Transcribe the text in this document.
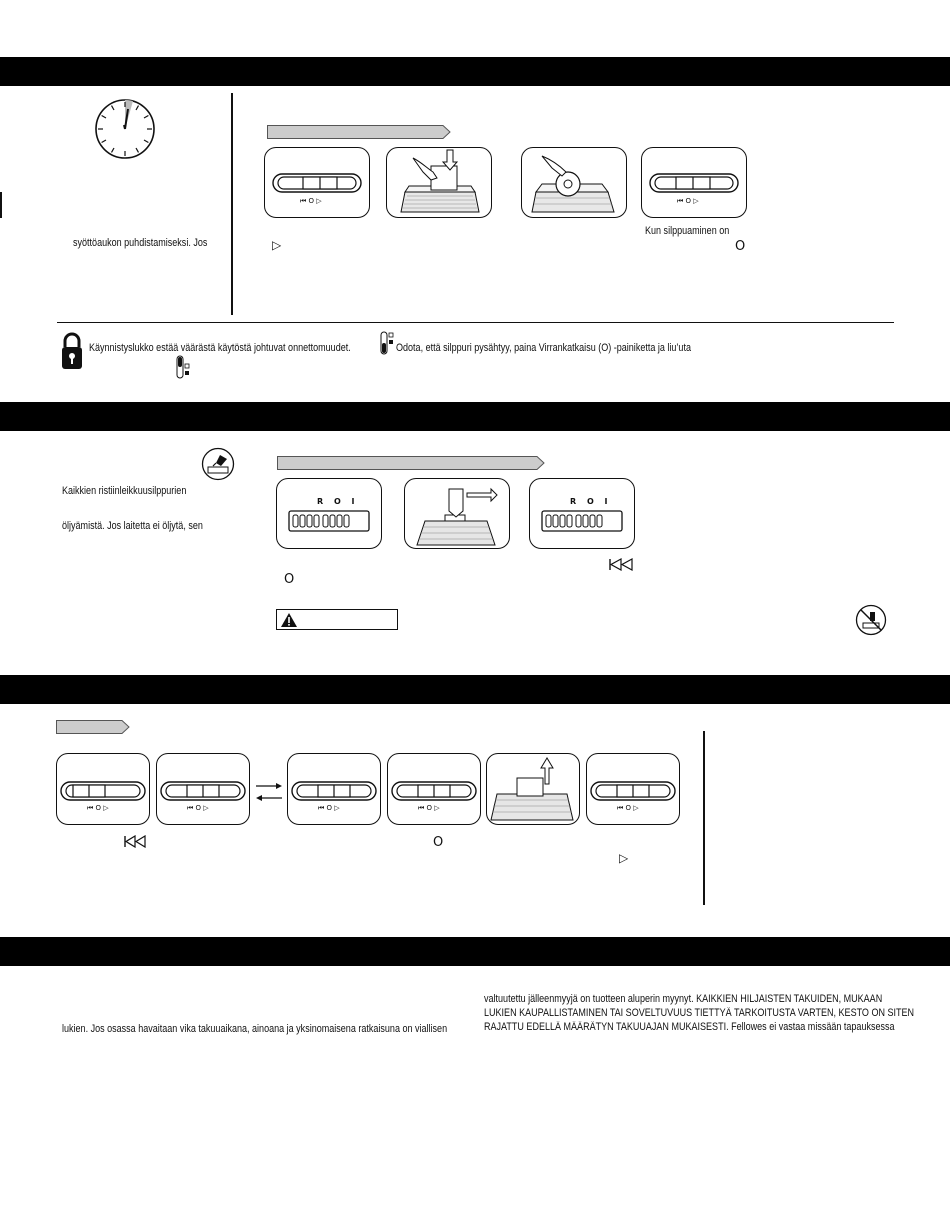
syöttöaukon puhdistamiseksi. Jos
⏮ O ▷	⏮ O ▷
▷
Kun silppuaminen on
O
Käynnistyslukko estää väärästä käytöstä johtuvat onnettomuudet.	Odota, että silppuri pysähtyy, paina Virrankatkaisu (O) -painiketta ja liu’uta
Kaikkien ristiinleikkuusilppurien
öljyämistä. Jos laitetta ei öljytä, sen
R O I	R O I
O
⏮ O ▷	⏮ O ▷	⏮ O ▷	⏮ O ▷	⏮ O ▷
O
▷
lukien. Jos osassa havaitaan vika takuuaikana, ainoana ja yksinomaisena ratkaisuna on viallisen
valtuutettu jälleenmyyjä on tuotteen aluperin myynyt. KAIKKIEN HILJAISTEN TAKUIDEN, MUKAAN
LUKIEN KAUPALLISTAMINEN TAI SOVELTUVUUS TIETTYÄ TARKOITUSTA VARTEN, KESTO ON SITEN
RAJATTU EDELLÄ MÄÄRÄTYN TAKUUAJAN MUKAISESTI. Fellowes ei vastaa missään tapauksessa
